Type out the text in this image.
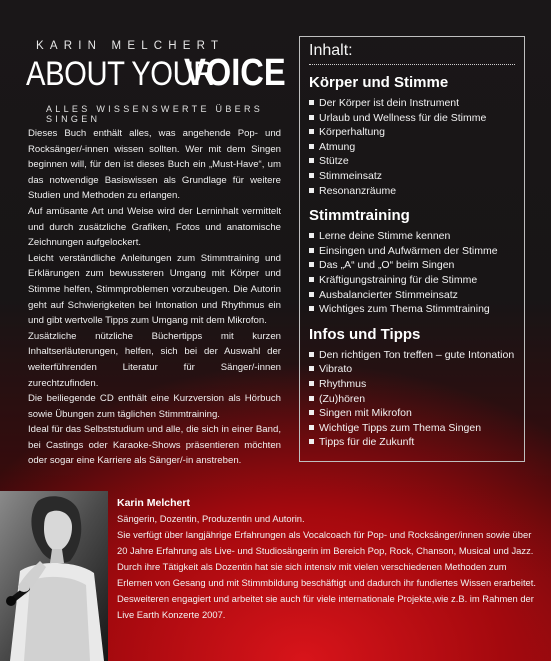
KARIN MELCHERT
ABOUT YOUR
VOICE
ALLES WISSENSWERTE ÜBERS SINGEN

Dieses Buch enthält alles, was angehende Pop- und Rocksänger/-innen wissen sollten. Wer mit dem Singen beginnen will, für den ist dieses Buch ein „Must-Have“, um das notwendige Basiswissen als Grundlage für weitere Studien und Methoden zu erlangen.

Auf amüsante Art und Weise wird der Lerninhalt vermittelt und durch zusätzliche Grafiken, Fotos und anatomische Zeichnungen aufgelockert.

Leicht verständliche Anleitungen zum Stimmtraining und Erklärungen zum bewussteren Umgang mit Körper und Stimme helfen, Stimmproblemen vorzubeugen. Die Autorin geht auf Schwierigkeiten bei Intonation und Rhythmus ein und gibt wertvolle Tipps zum Umgang mit dem Mikrofon.

Zusätzliche nützliche Büchertipps mit kurzen Inhaltserläuterungen, helfen, sich bei der Auswahl der weiterführenden Literatur für Sänger/-innen zurechtzufinden.

Die beiliegende CD enthält eine Kurzversion als Hörbuch sowie Übungen zum täglichen Stimmtraining.

Ideal für das Selbststudium und alle, die sich in einer Band, bei Castings oder Karaoke-Shows präsentieren möchten oder sogar eine Karriere als Sänger/-in anstreben.

Inhalt:
Körper und Stimme
Der Körper ist dein Instrument
Urlaub und Wellness für die Stimme
Körperhaltung
Atmung
Stütze
Stimmeinsatz
Resonanzräume
Stimmtraining
Lerne deine Stimme kennen
Einsingen und Aufwärmen der Stimme
Das „A“ und „O“ beim Singen
Kräftigungstraining für die Stimme
Ausbalancierter Stimmeinsatz
Wichtiges zum Thema Stimmtraining
Infos und Tipps
Den richtigen Ton treffen – gute Intonation
Vibrato
Rhythmus
(Zu)hören
Singen mit Mikrofon
Wichtige Tipps zum Thema Singen
Tipps für die Zukunft
Karin Melchert

Sängerin, Dozentin, Produzentin und Autorin.

Sie verfügt über langjährige Erfahrungen als Vocalcoach für Pop- und Rocksänger/innen sowie über 20 Jahre Erfahrung als Live- und Studiosängerin im Bereich Pop, Rock, Chanson, Musical und Jazz. Durch ihre Tätigkeit als Dozentin hat sie sich intensiv mit vielen verschiedenen Methoden zum Erlernen von Gesang und mit Stimmbildung beschäftigt und dadurch ihr fundiertes Wissen erarbeitet. Desweiteren engagiert und arbeitet sie auch für viele internationale Projekte,wie z.B. im Rahmen der Live Earth Konzerte 2007.
